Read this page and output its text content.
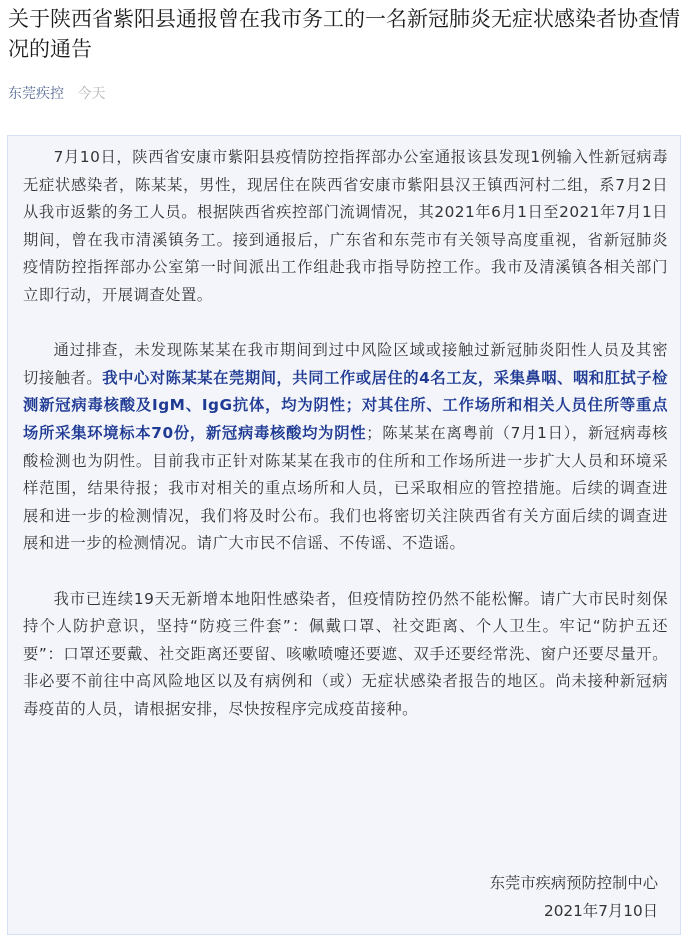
关于陕西省紫阳县通报曾在我市务工的一名新冠肺炎无症状感染者协查情况的通告
东莞疾控 今天

7月10日，陕西省安康市紫阳县疫情防控指挥部办公室通报该县发现1例输入性新冠病毒无症状感染者，陈某某，男性，现居住在陕西省安康市紫阳县汉王镇西河村二组，系7月2日从我市返紫的务工人员。根据陕西省疾控部门流调情况，其2021年6月1日至2021年7月1日期间，曾在我市清溪镇务工。接到通报后，广东省和东莞市有关领导高度重视，省新冠肺炎疫情防控指挥部办公室第一时间派出工作组赴我市指导防控工作。我市及清溪镇各相关部门立即行动，开展调查处置。

通过排查，未发现陈某某在我市期间到过中风险区域或接触过新冠肺炎阳性人员及其密切接触者。我中心对陈某某在莞期间，共同工作或居住的4名工友，采集鼻咽、咽和肛拭子检测新冠病毒核酸及IgM、IgG抗体，均为阴性；对其住所、工作场所和相关人员住所等重点场所采集环境标本70份，新冠病毒核酸均为阴性；陈某某在离粤前（7月1日），新冠病毒核酸检测也为阴性。目前我市正针对陈某某在我市的住所和工作场所进一步扩大人员和环境采样范围，结果待报；我市对相关的重点场所和人员，已采取相应的管控措施。后续的调查进展和进一步的检测情况，我们将及时公布。我们也将密切关注陕西省有关方面后续的调查进展和进一步的检测情况。请广大市民不信谣、不传谣、不造谣。

我市已连续19天无新增本地阳性感染者，但疫情防控仍然不能松懈。请广大市民时刻保持个人防护意识，坚持“防疫三件套”：佩戴口罩、社交距离、个人卫生。牢记“防护五还要”：口罩还要戴、社交距离还要留、咳嗽喷嚏还要遮、双手还要经常洗、窗户还要尽量开。非必要不前往中高风险地区以及有病例和（或）无症状感染者报告的地区。尚未接种新冠病毒疫苗的人员，请根据安排，尽快按程序完成疫苗接种。

东莞市疾病预防控制中心
2021年7月10日
